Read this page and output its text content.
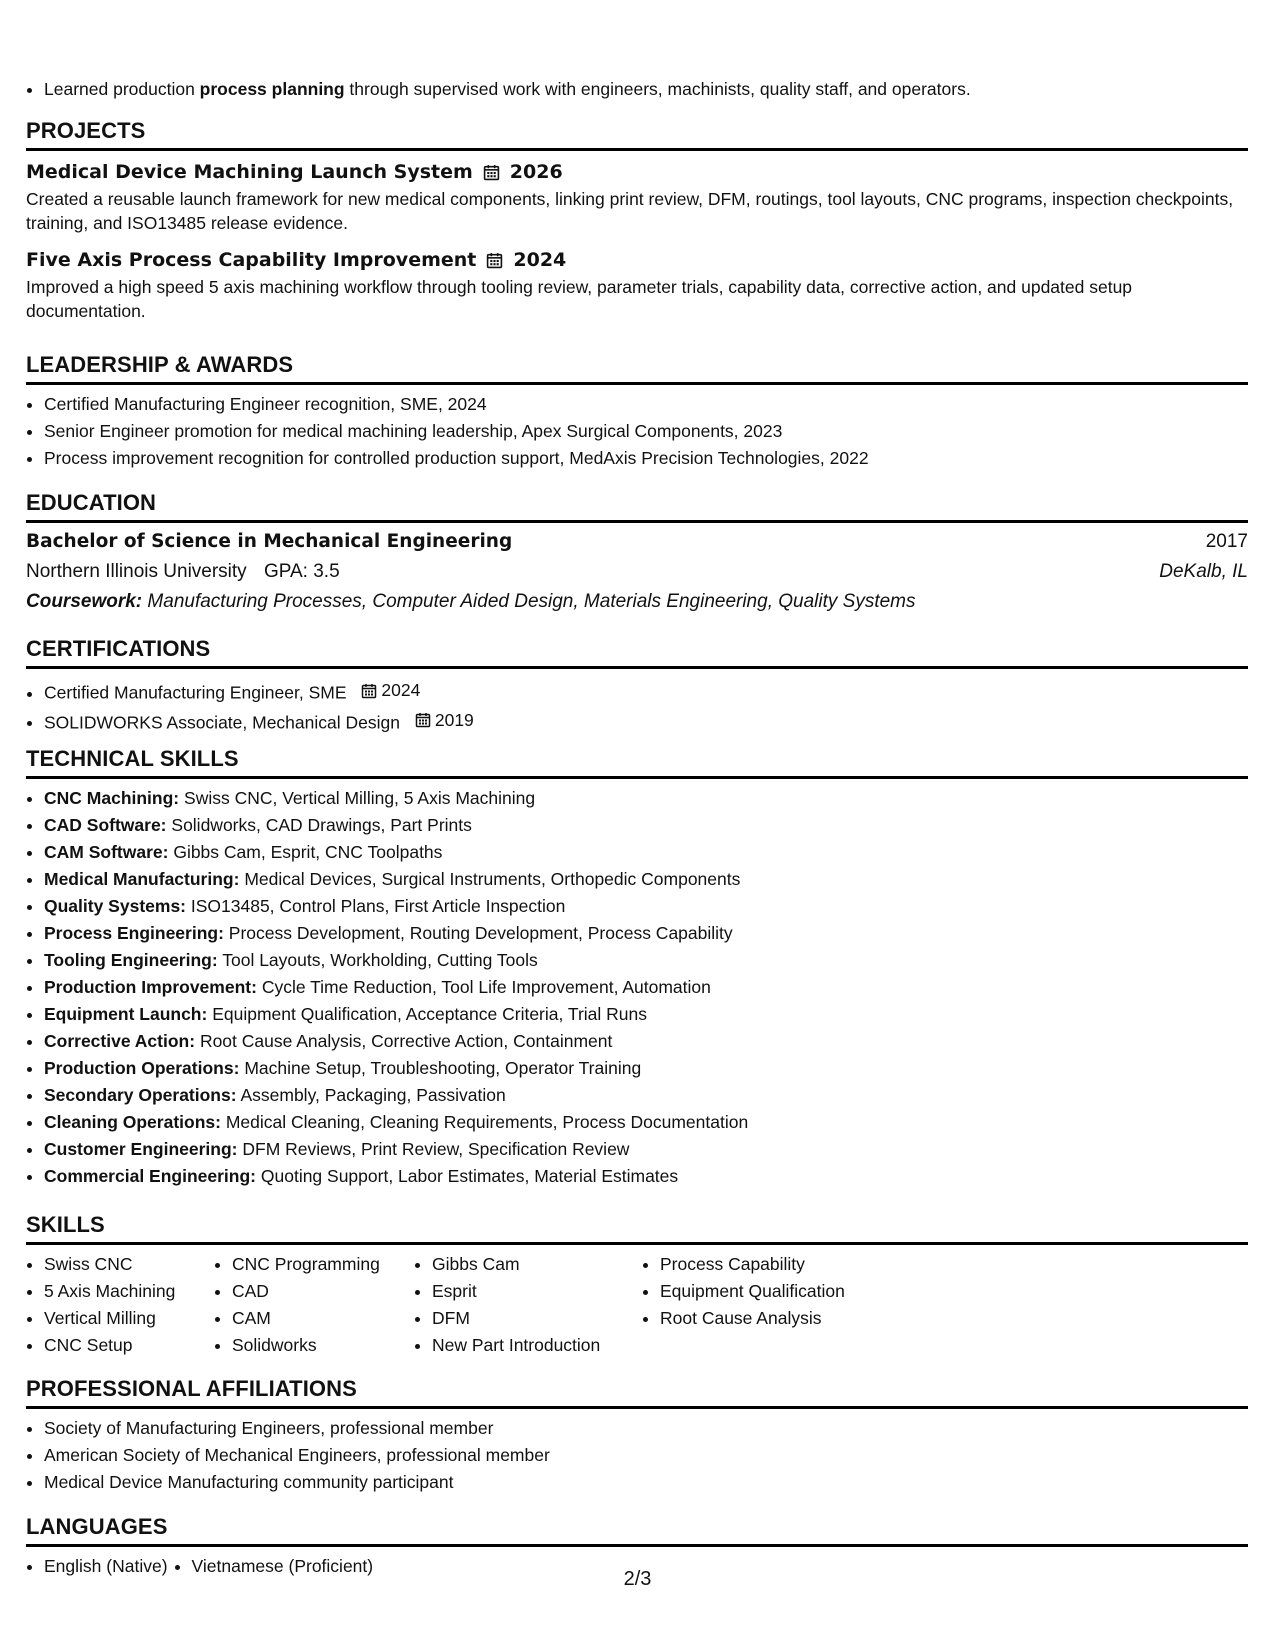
• Learned production process planning through supervised work with engineers, machinists, quality staff, and operators.
PROJECTS
Medical Device Machining Launch System 2026
Created a reusable launch framework for new medical components, linking print review, DFM, routings, tool layouts, CNC programs, inspection checkpoints, training, and ISO13485 release evidence.
Five Axis Process Capability Improvement 2024
Improved a high speed 5 axis machining workflow through tooling review, parameter trials, capability data, corrective action, and updated setup documentation.
LEADERSHIP & AWARDS
• Certified Manufacturing Engineer recognition, SME, 2024
• Senior Engineer promotion for medical machining leadership, Apex Surgical Components, 2023
• Process improvement recognition for controlled production support, MedAxis Precision Technologies, 2022
EDUCATION
Bachelor of Science in Mechanical Engineering	2017
Northern Illinois University GPA: 3.5	DeKalb, IL
Coursework: Manufacturing Processes, Computer Aided Design, Materials Engineering, Quality Systems
CERTIFICATIONS
• Certified Manufacturing Engineer, SME 2024
• SOLIDWORKS Associate, Mechanical Design 2019
TECHNICAL SKILLS
• CNC Machining: Swiss CNC, Vertical Milling, 5 Axis Machining
• CAD Software: Solidworks, CAD Drawings, Part Prints
• CAM Software: Gibbs Cam, Esprit, CNC Toolpaths
• Medical Manufacturing: Medical Devices, Surgical Instruments, Orthopedic Components
• Quality Systems: ISO13485, Control Plans, First Article Inspection
• Process Engineering: Process Development, Routing Development, Process Capability
• Tooling Engineering: Tool Layouts, Workholding, Cutting Tools
• Production Improvement: Cycle Time Reduction, Tool Life Improvement, Automation
• Equipment Launch: Equipment Qualification, Acceptance Criteria, Trial Runs
• Corrective Action: Root Cause Analysis, Corrective Action, Containment
• Production Operations: Machine Setup, Troubleshooting, Operator Training
• Secondary Operations: Assembly, Packaging, Passivation
• Cleaning Operations: Medical Cleaning, Cleaning Requirements, Process Documentation
• Customer Engineering: DFM Reviews, Print Review, Specification Review
• Commercial Engineering: Quoting Support, Labor Estimates, Material Estimates
SKILLS
• Swiss CNC
• 5 Axis Machining
• Vertical Milling
• CNC Setup
• CNC Programming
• CAD
• CAM
• Solidworks
• Gibbs Cam
• Esprit
• DFM
• New Part Introduction
• Process Capability
• Equipment Qualification
• Root Cause Analysis
PROFESSIONAL AFFILIATIONS
• Society of Manufacturing Engineers, professional member
• American Society of Mechanical Engineers, professional member
• Medical Device Manufacturing community participant
LANGUAGES
• English (Native)
• Vietnamese (Proficient)
2/3
